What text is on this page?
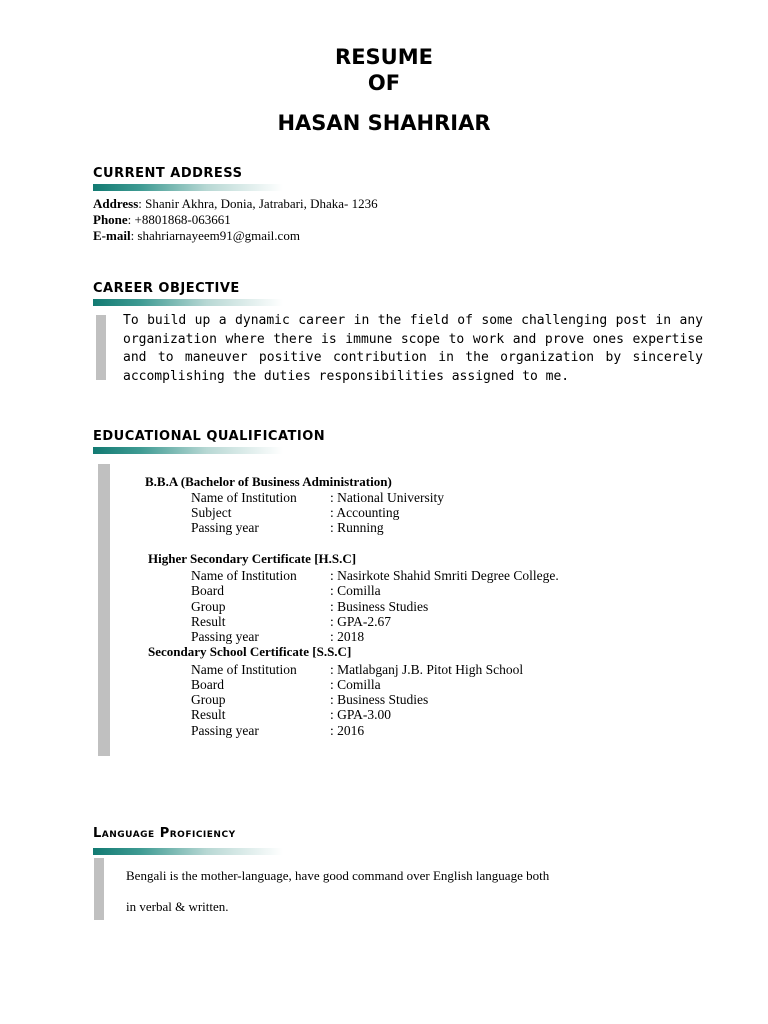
RESUME
OF
HASAN SHAHRIAR
CURRENT ADDRESS
Address: Shanir Akhra, Donia, Jatrabari, Dhaka- 1236
Phone: +8801868-063661
E-mail: shahriarnayeem91@gmail.com
CAREER OBJECTIVE

To build up a dynamic career in the field of some challenging post in any organization where there is immune scope to work and prove ones expertise and to maneuver positive contribution in the organization by sincerely accomplishing the duties responsibilities assigned to me.

EDUCATIONAL QUALIFICATION
B.B.A (Bachelor of Business Administration)
Name of Institution : National University
Subject	: Accounting
Passing year	: Running
Higher Secondary Certificate [H.S.C]
Name of Institution : Nasirkote Shahid Smriti Degree College.
Board	: Comilla
Group	: Business Studies
Result	: GPA-2.67
Passing year	: 2018
Secondary School Certificate [S.S.C]
Name of Institution : Matlabganj J.B. Pitot High School
Board	: Comilla
Group	: Business Studies
Result	: GPA-3.00
Passing year	: 2016
Language Proficiency
Bengali is the mother-language, have good command over English language both
in verbal & written.
